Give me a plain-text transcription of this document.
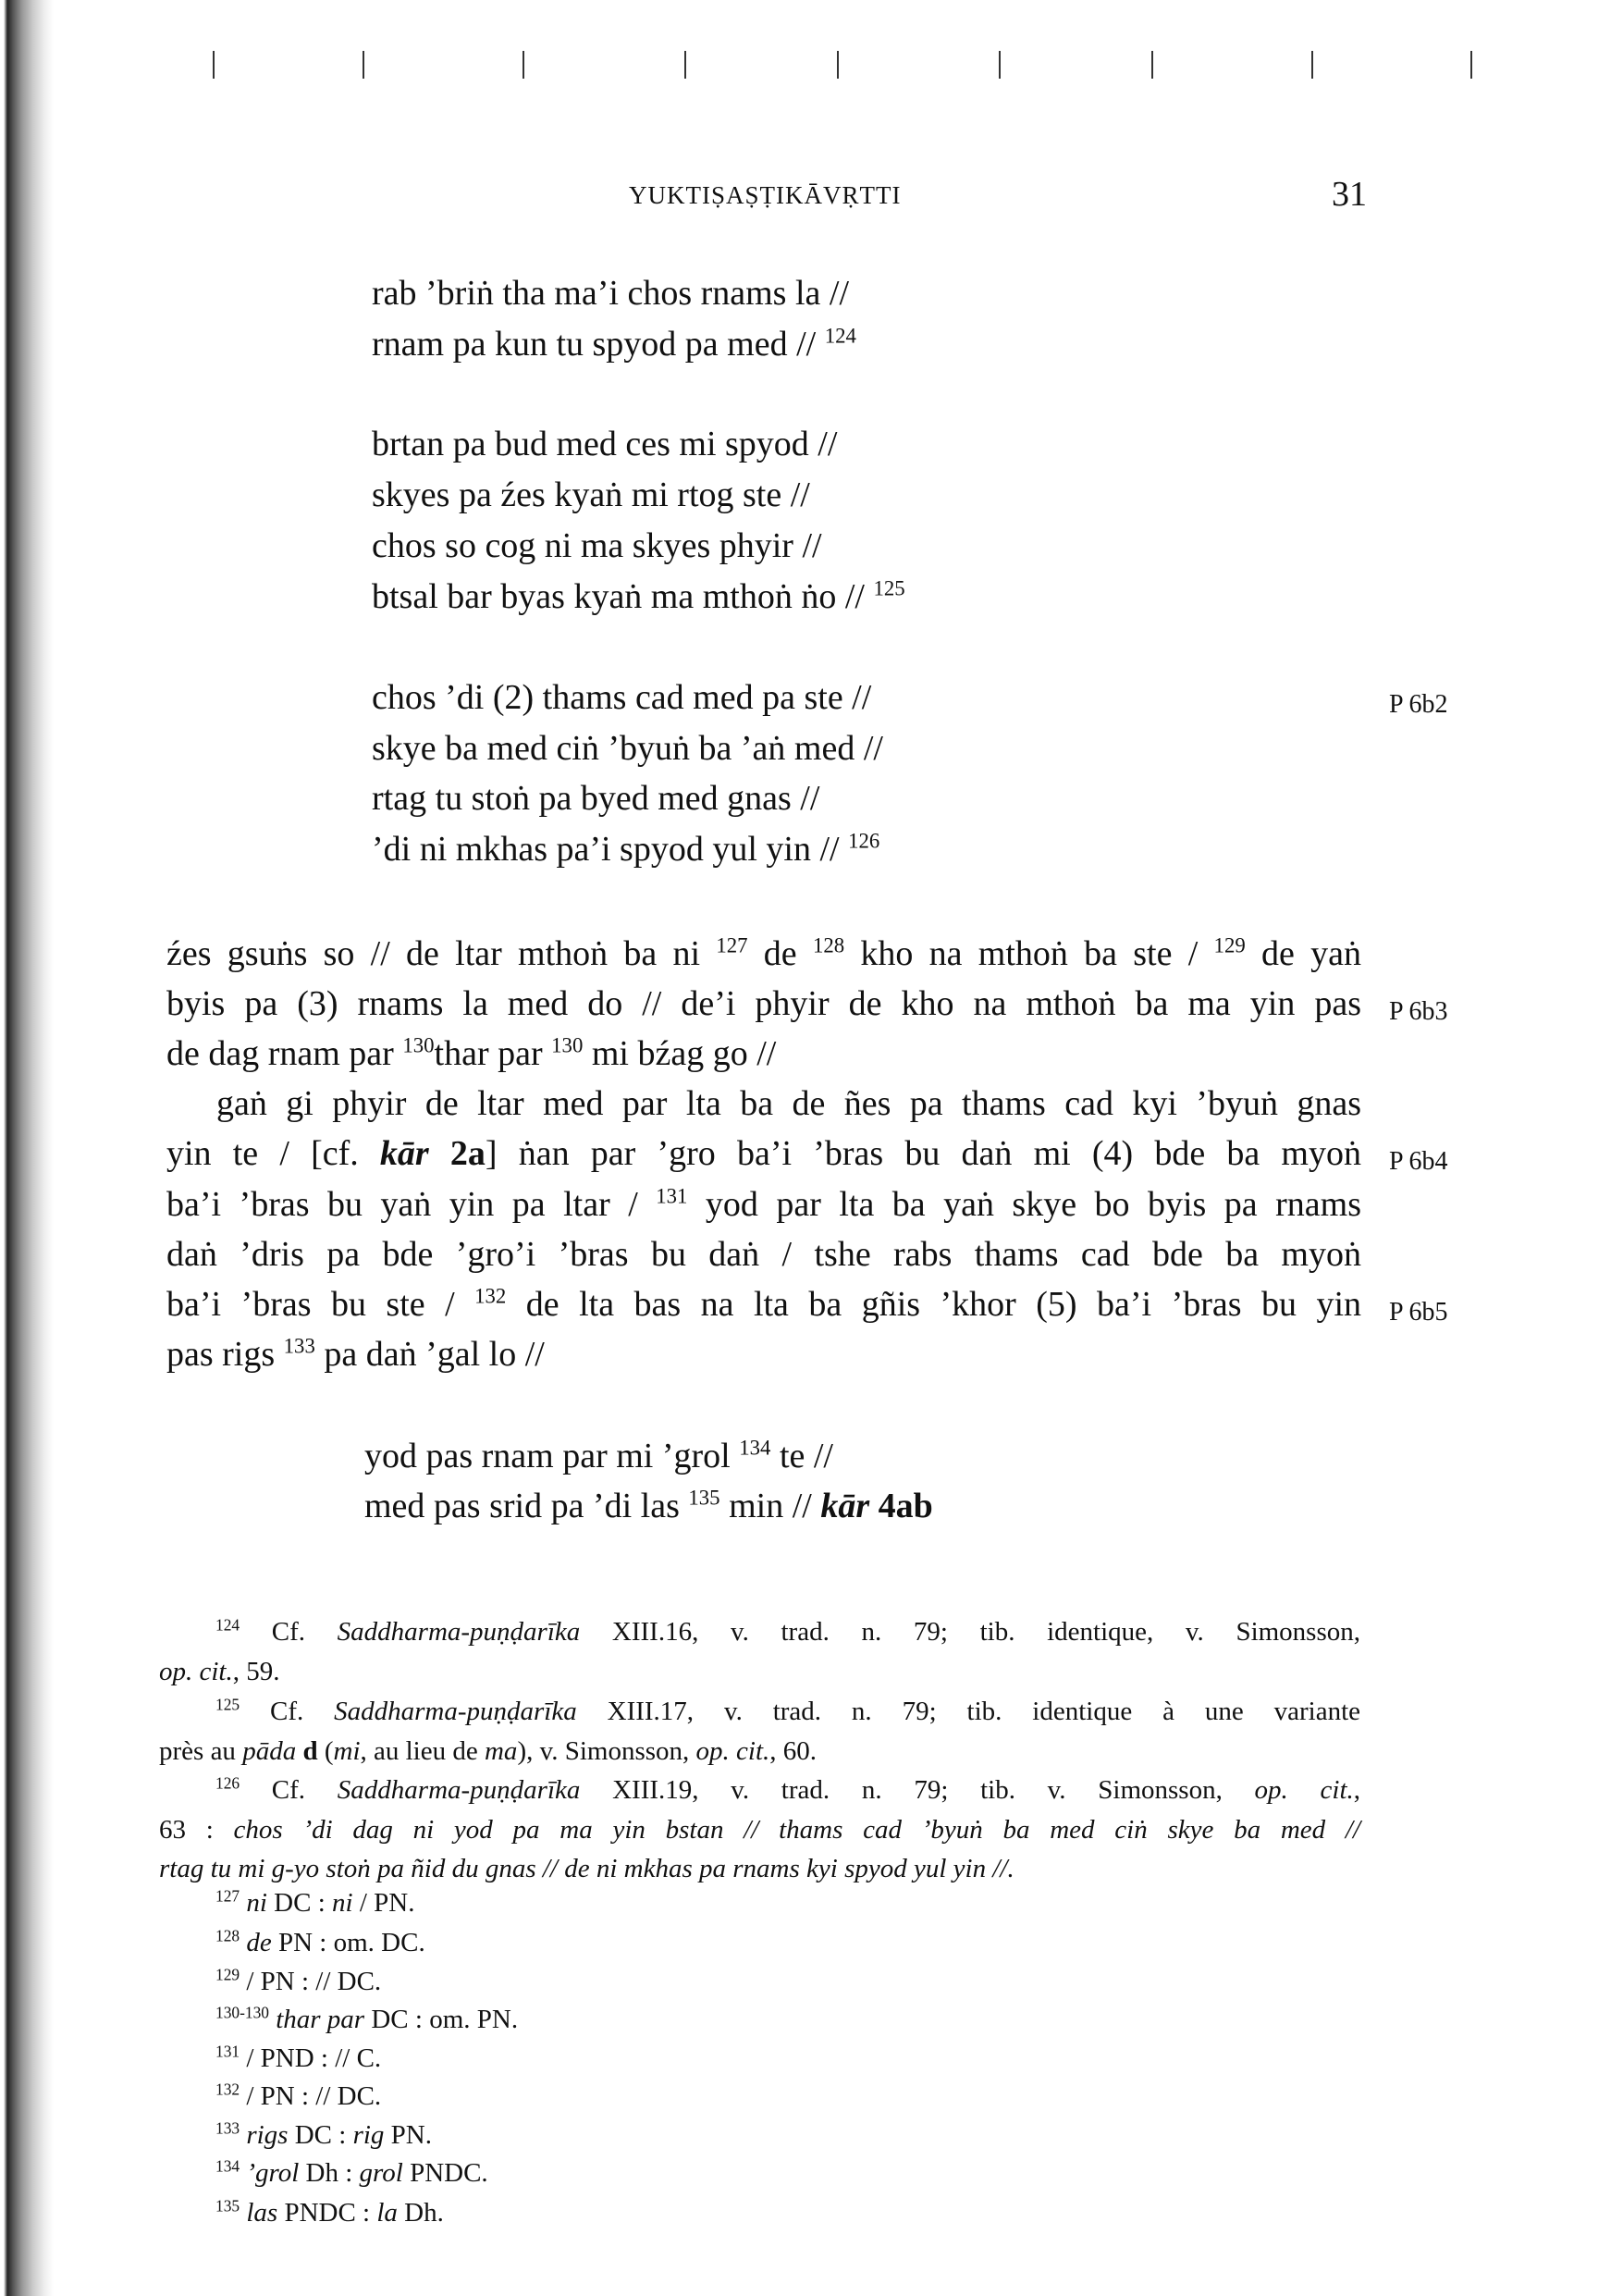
YUKTIṢAṢṬIKĀVṚTTI	31
P 6b2
P 6b3
P 6b4
P 6b5
rab ’briṅ tha ma’i chos rnams la //
rnam pa kun tu spyod pa med // $^{124}$
brtan pa bud med ces mi spyod //
skyes pa źes kyaṅ mi rtog ste //
chos so cog ni ma skyes phyir //
btsal bar byas kyaṅ ma mthoṅ ṅo // $^{125}$
chos ’di (2) thams cad med pa ste //
skye ba med ciṅ ’byuṅ ba ’aṅ med //
rtag tu stoṅ pa byed med gnas //
’di ni mkhas pa’i spyod yul yin // $^{126}$
źes gsuṅs so // de ltar mthoṅ ba ni $^{127}$ de $^{128}$ kho na mthoṅ ba ste / $^{129}$ de yaṅ
byis pa (3) rnams la med do // de’i phyir de kho na mthoṅ ba ma yin pas
de dag rnam par $^{130}$thar par $^{130}$ mi bźag go //
gaṅ gi phyir de ltar med par lta ba de ñes pa thams cad kyi ’byuṅ gnas
yin te / [cf. kār 2a] ṅan par ’gro ba’i ’bras bu daṅ mi (4) bde ba myoṅ
ba’i ’bras bu yaṅ yin pa ltar / $^{131}$ yod par lta ba yaṅ skye bo byis pa rnams
daṅ ’dris pa bde ’gro’i ’bras bu daṅ / tshe rabs thams cad bde ba myoṅ
ba’i ’bras bu ste / $^{132}$ de lta bas na lta ba gñis ’khor (5) ba’i ’bras bu yin
pas rigs $^{133}$ pa daṅ ’gal lo //
yod pas rnam par mi ’grol $^{134}$ te //
med pas srid pa ’di las $^{135}$ min // kār 4ab
$^{124}$ Cf. Saddharma-puṇḍarīka XIII.16, v. trad. n. 79; tib. identique, v. Simonsson,
op. cit., 59.
$^{125}$ Cf. Saddharma-puṇḍarīka XIII.17, v. trad. n. 79; tib. identique à une variante
près au pāda d (mi, au lieu de ma), v. Simonsson, op. cit., 60.
$^{126}$ Cf. Saddharma-puṇḍarīka XIII.19, v. trad. n. 79; tib. v. Simonsson, op. cit.,
63 : chos ’di dag ni yod pa ma yin bstan // thams cad ’byuṅ ba med ciṅ skye ba med //
rtag tu mi g-yo stoṅ pa ñid du gnas // de ni mkhas pa rnams kyi spyod yul yin //.
$^{127}$ ni DC : ni / PN.
$^{128}$ de PN : om. DC.
$^{129}$ / PN : // DC.
$^{130-130}$ thar par DC : om. PN.
$^{131}$ / PND : // C.
$^{132}$ / PN : // DC.
$^{133}$ rigs DC : rig PN.
$^{134}$ ’grol Dh : grol PNDC.
$^{135}$ las PNDC : la Dh.
